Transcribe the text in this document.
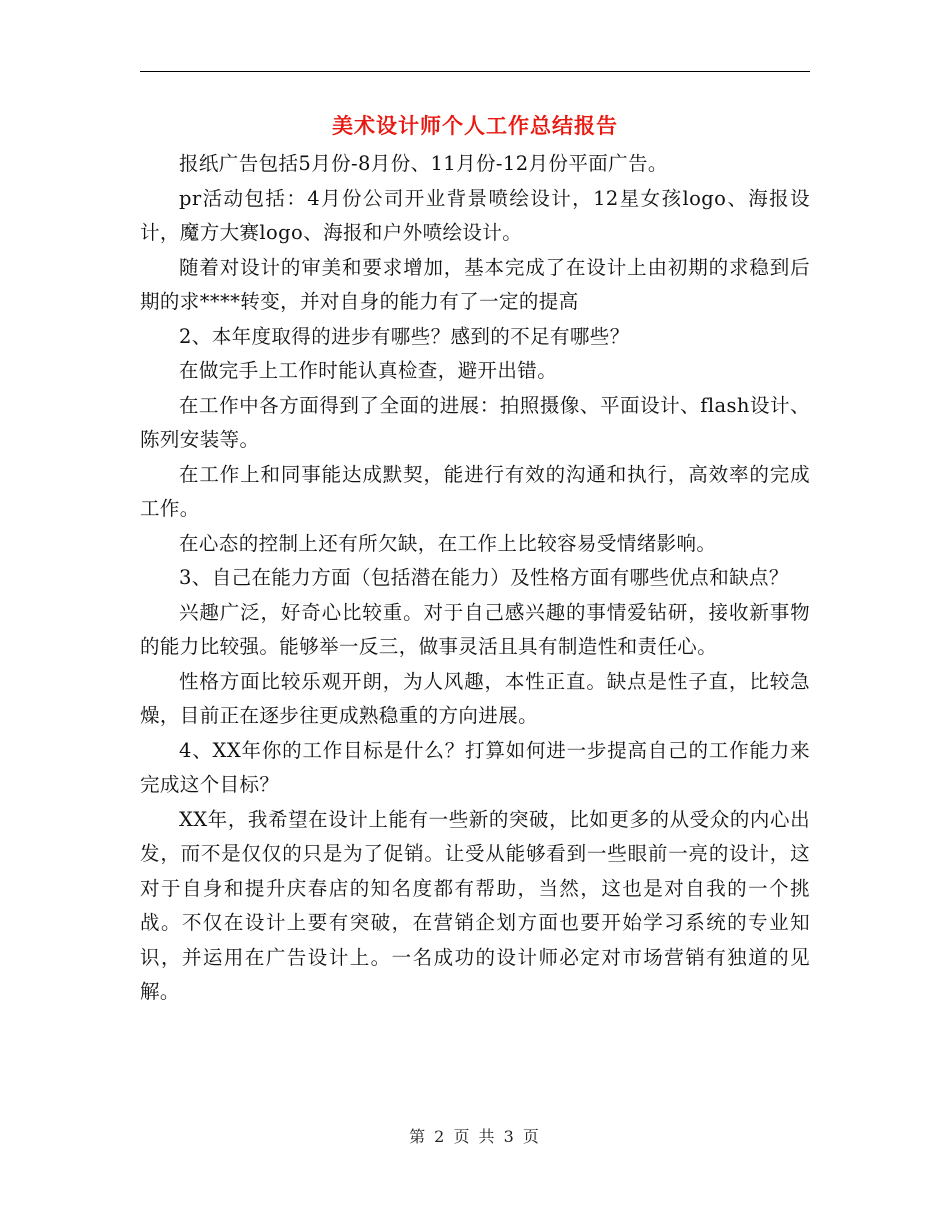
美术设计师个人工作总结报告

报纸广告包括5月份-8月份、11月份-12月份平面广告。

pr活动包括：4月份公司开业背景喷绘设计，12星女孩logo、海报设计，魔方大赛logo、海报和户外喷绘设计。

随着对设计的审美和要求增加，基本完成了在设计上由初期的求稳到后期的求****转变，并对自身的能力有了一定的提高

2、本年度取得的进步有哪些？感到的不足有哪些？

在做完手上工作时能认真检查，避开出错。

在工作中各方面得到了全面的进展：拍照摄像、平面设计、flash设计、陈列安装等。

在工作上和同事能达成默契，能进行有效的沟通和执行，高效率的完成工作。

在心态的控制上还有所欠缺，在工作上比较容易受情绪影响。

3、自己在能力方面（包括潜在能力）及性格方面有哪些优点和缺点？

兴趣广泛，好奇心比较重。对于自己感兴趣的事情爱钻研，接收新事物的能力比较强。能够举一反三，做事灵活且具有制造性和责任心。

性格方面比较乐观开朗，为人风趣，本性正直。缺点是性子直，比较急燥，目前正在逐步往更成熟稳重的方向进展。

4、XX年你的工作目标是什么？打算如何进一步提高自己的工作能力来完成这个目标？

XX年，我希望在设计上能有一些新的突破，比如更多的从受众的内心出发，而不是仅仅的只是为了促销。让受从能够看到一些眼前一亮的设计，这对于自身和提升庆春店的知名度都有帮助，当然，这也是对自我的一个挑战。不仅在设计上要有突破，在营销企划方面也要开始学习系统的专业知识，并运用在广告设计上。一名成功的设计师必定对市场营销有独道的见解。

第 2 页 共 3 页
